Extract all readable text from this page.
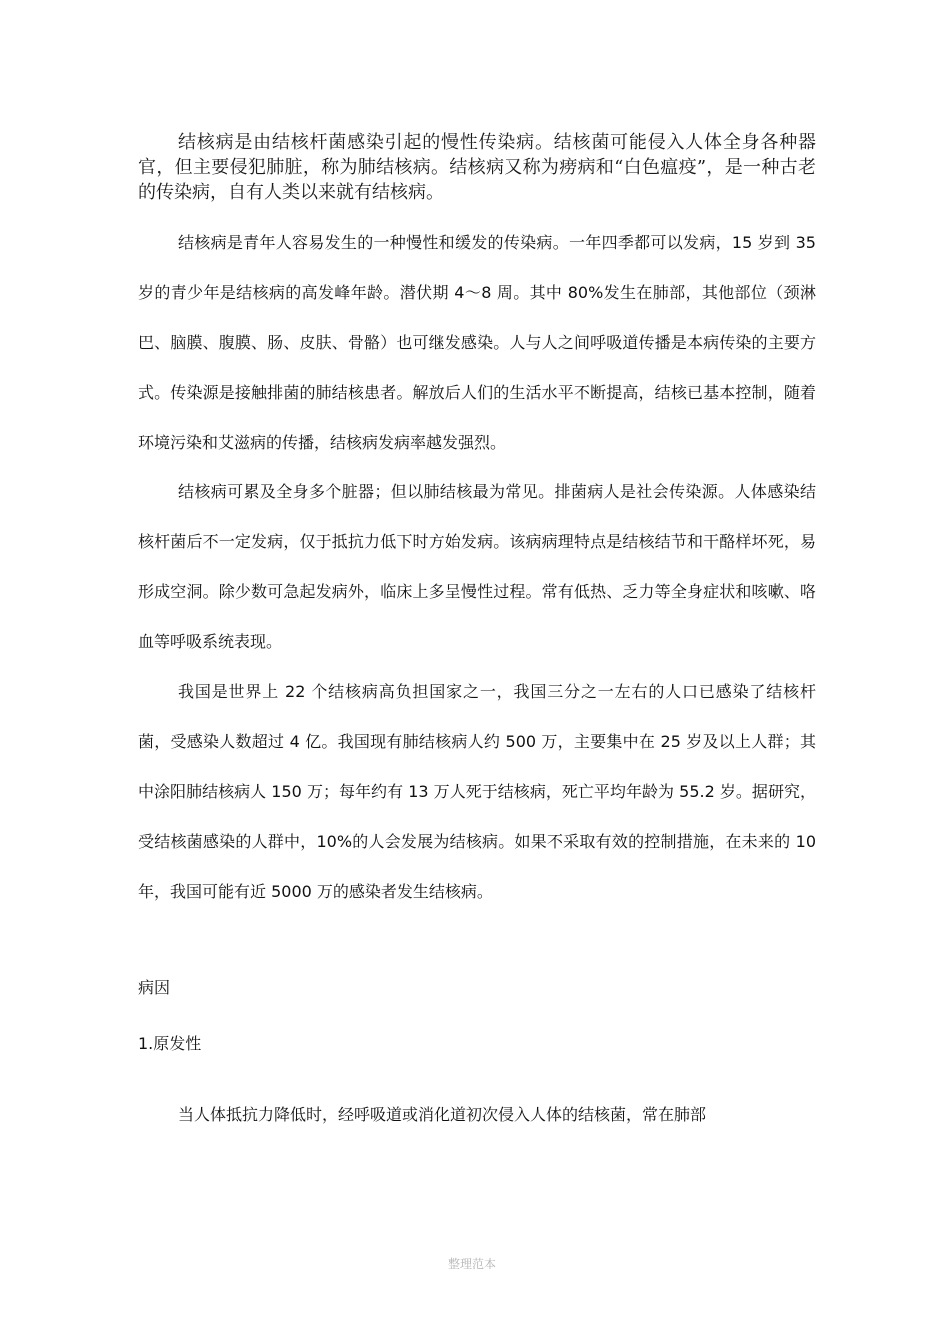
结核病是由结核杆菌感染引起的慢性传染病。结核菌可能侵入人体全身各种器官，但主要侵犯肺脏，称为肺结核病。结核病又称为痨病和“白色瘟疫”，是一种古老的传染病，自有人类以来就有结核病。

结核病是青年人容易发生的一种慢性和缓发的传染病。一年四季都可以发病，15 岁到 35 岁的青少年是结核病的高发峰年龄。潜伏期 4～8 周。其中 80%发生在肺部，其他部位（颈淋巴、脑膜、腹膜、肠、皮肤、骨骼）也可继发感染。人与人之间呼吸道传播是本病传染的主要方式。传染源是接触排菌的肺结核患者。解放后人们的生活水平不断提高，结核已基本控制，随着环境污染和艾滋病的传播，结核病发病率越发强烈。

结核病可累及全身多个脏器；但以肺结核最为常见。排菌病人是社会传染源。人体感染结核杆菌后不一定发病，仅于抵抗力低下时方始发病。该病病理特点是结核结节和干酪样坏死，易形成空洞。除少数可急起发病外，临床上多呈慢性过程。常有低热、乏力等全身症状和咳嗽、咯血等呼吸系统表现。

我国是世界上 22 个结核病高负担国家之一，我国三分之一左右的人口已感染了结核杆菌，受感染人数超过 4 亿。我国现有肺结核病人约 500 万，主要集中在 25 岁及以上人群；其中涂阳肺结核病人 150 万；每年约有 13 万人死于结核病，死亡平均年龄为 55.2 岁。据研究，受结核菌感染的人群中，10%的人会发展为结核病。如果不采取有效的控制措施，在未来的 10 年，我国可能有近 5000 万的感染者发生结核病。

病因

1.原发性

当人体抵抗力降低时，经呼吸道或消化道初次侵入人体的结核菌，常在肺部

整理范本
